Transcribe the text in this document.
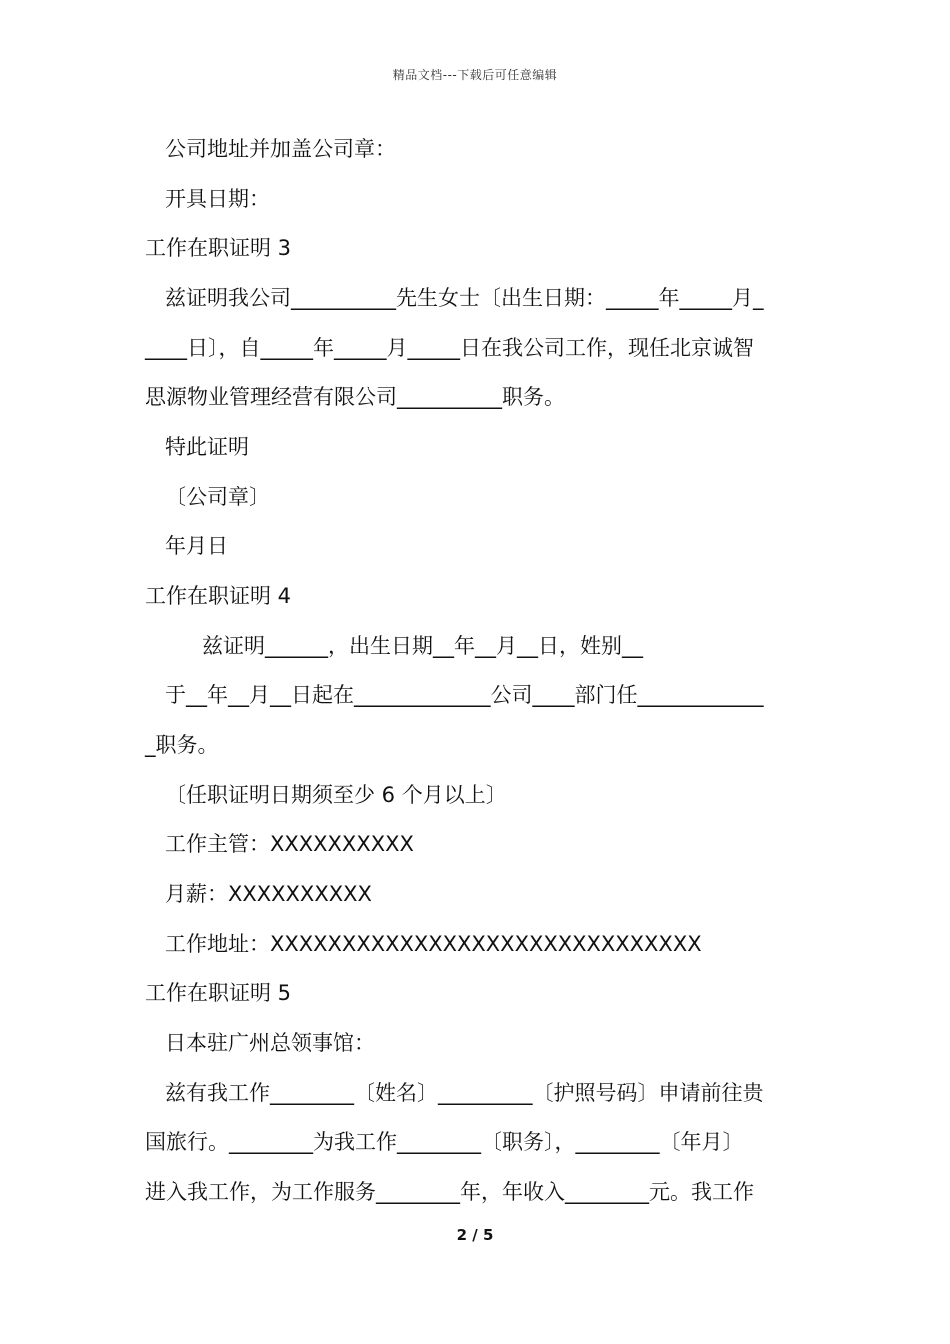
精品文档---下载后可任意编辑
公司地址并加盖公司章：
开具日期：
工作在职证明 3
兹证明我公司__________先生女士〔出生日期：_____年_____月_
____日〕，自_____年_____月_____日在我公司工作，现任北京诚智
思源物业管理经营有限公司__________职务。
特此证明
〔公司章〕
年月日
工作在职证明 4
兹证明______，出生日期__年__月__日，姓别__
于__年__月__日起在_____________公司____部门任____________
_职务。
〔任职证明日期须至少 6 个月以上〕
工作主管：XXXXXXXXXX
月薪：XXXXXXXXXX
工作地址：XXXXXXXXXXXXXXXXXXXXXXXXXXXXXX
工作在职证明 5
日本驻广州总领事馆：
兹有我工作________〔姓名〕_________〔护照号码〕申请前往贵
国旅行。________为我工作________〔职务〕，________〔年月〕
进入我工作，为工作服务________年，年收入________元。我工作
2 / 5
